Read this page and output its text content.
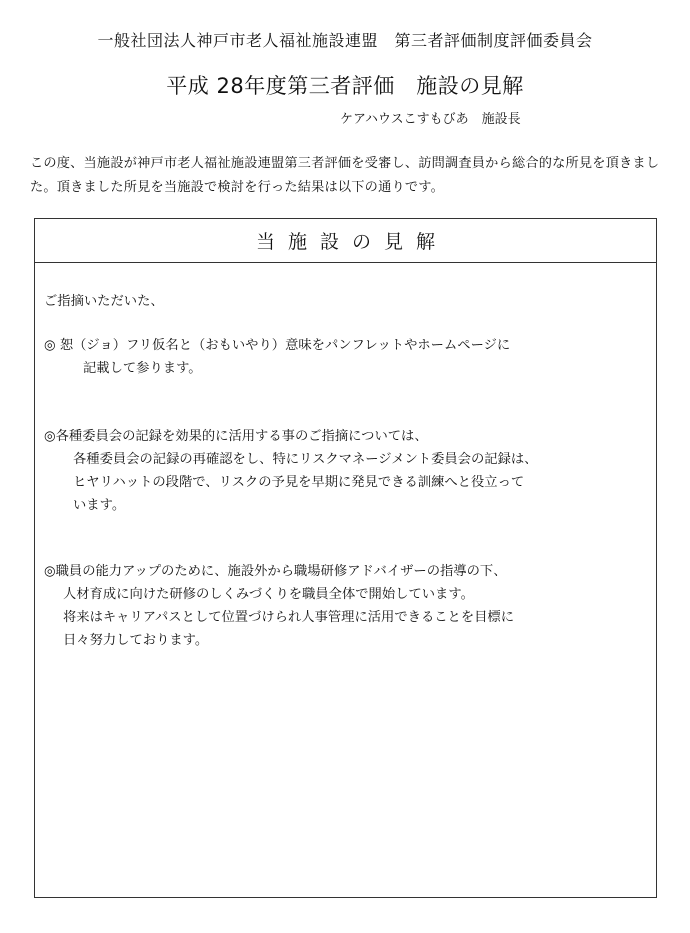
一般社団法人神戸市老人福祉施設連盟　第三者評価制度評価委員会
平成 28年度第三者評価　施設の見解
ケアハウスこすもびあ　施設長
この度、当施設が神戸市老人福祉施設連盟第三者評価を受審し、訪問調査員から総合的な所見を頂きました。頂きました所見を当施設で検討を行った結果は以下の通りです。
当施設の見解
ご指摘いただいた、
◎ 恕（ジョ）フリ仮名と（おもいやり）意味をパンフレットやホームページに
記載して参ります。
◎各種委員会の記録を効果的に活用する事のご指摘については、
各種委員会の記録の再確認をし、特にリスクマネージメント委員会の記録は、
ヒヤリハットの段階で、リスクの予見を早期に発見できる訓練へと役立って
います。
◎職員の能力アップのために、施設外から職場研修アドバイザーの指導の下、
人材育成に向けた研修のしくみづくりを職員全体で開始しています。
将来はキャリアパスとして位置づけられ人事管理に活用できることを目標に
日々努力しております。
